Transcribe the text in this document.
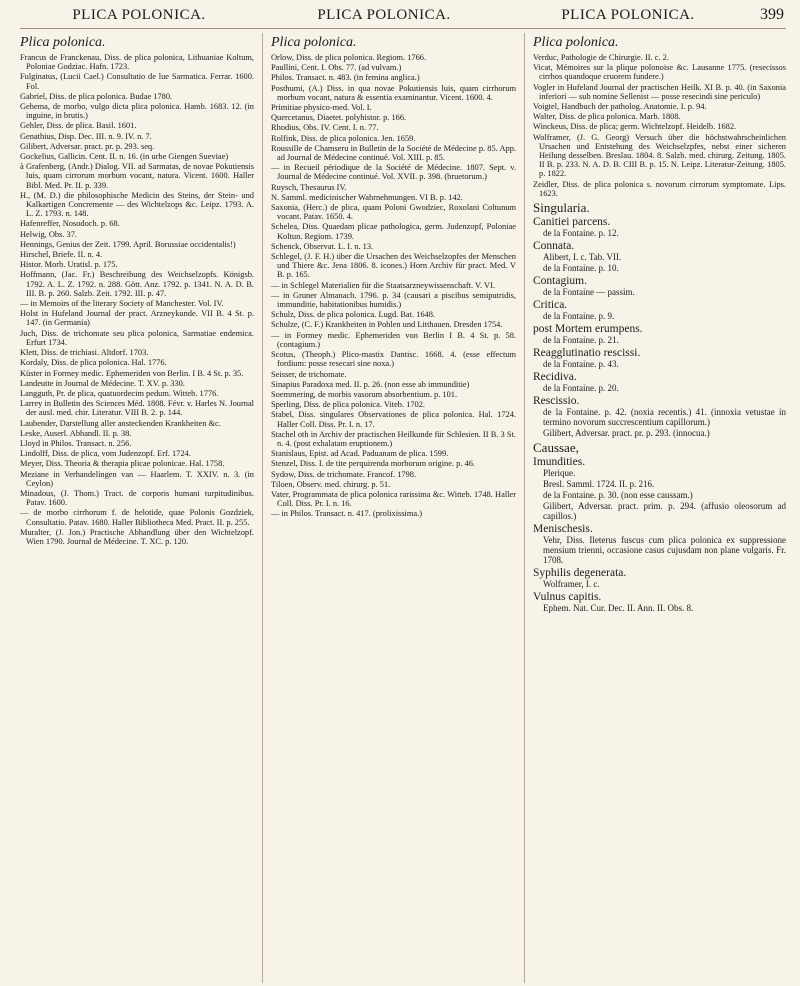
PLICA POLONICA.	PLICA POLONICA.	PLICA POLONICA.	399
Plica polonica.
Francus de Franckenau, Diss. de plica polonica, Lithuaniae Koltum, Poloniae Godziac. Hafn. 1723.
Fulginatus, (Lucii Cael.) Consultatio de lue Sarmatica. Ferrar. 1600. Fol.
Gabriel, Diss. de plica polonica. Budae 1780.
Gehema, de morbo, vulgo dicta plica polonica. Hamb. 1683. 12. (in inguine, in brutis.)
Gehler, Diss. de plica. Basil. 1601.
Genathius, Disp. Dec. III. n. 9. IV. n. 7.
Gilibert, Adversar. pract. pr. p. 293. seq.
Gockelius, Gallicin. Cent. II. n. 16. (in urbe Giengen Sueviae)
à Grafenberg, (Andr.) Dialog. VII. ad Sarmatas, de novae Pokutiensis luis, quam cirrorum morbum vocant, natura. Vicent. 1600. Haller Bibl. Med. Pr. II. p. 339.
H., (M. D.) die philosophische Medicin des Steins, der Stein- und Kalkartigen Concremente — des Wichtelzops &c. Leipz. 1793. A. L. Z. 1793. n. 148.
Hafenreffer, Nosodoch. p. 68.
Helwig, Obs. 37.
Hennings, Genius der Zeit. 1799. April. Borussiae occidentalis!)
Hirschel, Briefe. II. n. 4.
Histor. Morb. Uratisl. p. 175.
Hoffmann, (Jac. Fr.) Beschreibung des Weichselzopfs. Königsb. 1792. A. L. Z. 1792. n. 288. Gött. Anz. 1792. p. 1341. N. A. D. B. III. B. p. 260. Salzb. Zeit. 1792. III. p. 47.
— in Memoirs of the literary Society of Manchester. Vol. IV.
Holst in Hufeland Journal der pract. Arzneykunde. VII B. 4 St. p. 147. (in Germania)
Juch, Diss. de trichomate seu plica polonica, Sarmatiae endemica. Erfurt 1734.
Klett, Diss. de trichiasi. Altdorf. 1703.
Kordaly, Diss. de plica polonica. Hal. 1776.
Küster in Formey medic. Ephemeriden von Berlin. I B. 4 St. p. 35.
Landeutte in Journal de Médecine. T. XV. p. 330.
Langguth, Pr. de plica, quatuordecim pedum. Witteb. 1776.
Larrey in Bulletin des Sciences Méd. 1808. Févr. v. Harles N. Journal der ausl. med. chir. Literatur. VIII B. 2. p. 144.
Laubender, Darstellung aller ansteckenden Krankheiten &c.
Leske, Auserl. Abhandl. II. p. 38.
Lloyd in Philos. Transact. n. 256.
Lindolff, Diss. de plica, vom Judenzopf. Erf. 1724.
Meyer, Diss. Theoria & therapia plicae polonicae. Hal. 1758.
Meziane in Verhandelingen van — Haarlem. T. XXIV. n. 3. (in Ceylon)
Minadous, (J. Thom.) Tract. de corporis humani turpitudinibus. Patav. 1600.
— de morbo cirrhorum f. de helotide, quae Polonis Gozdziek, Consultatio. Patav. 1680. Haller Bibliotheca Med. Pract. II. p. 255.
Muralter, (J. Jon.) Practische Abhandlung über den Wichtelzopf. Wien 1790. Journal de Médecine. T. XC. p. 120.
Plica polonica.
Orlow, Diss. de plica polonica. Regiom. 1766.
Paullini, Cent. I. Obs. 77. (ad vulvam.)
Philos. Transact. n. 483. (in femina anglica.)
Posthumi, (A.) Diss. in qua novae Pokutiensis luis, quam cirrhorum morbum vocant, natura & essentia examinantur. Vicent. 1600. 4.
Primitiae physico-med. Vol. I.
Quercetanus, Diaetet. polyhistor. p. 166.
Rhodius, Obs. IV. Cent. I. n. 77.
Rolfink, Diss. de plica polonica. Jen. 1659.
Roussille de Chamseru in Bulletin de la Société de Médecine p. 85. App. ad Journal de Médecine continué. Vol. XIII. p. 85.
— in Recueil périodique de la Société de Médecine. 1807. Sept. v. Journal de Médecine continué. Vol. XVII. p. 398. (bruetorum.)
Ruysch, Thesaurus IV.
N. Samml. medicinischer Wahrnehmungen. VI B. p. 142.
Saxonia, (Herc.) de plica, quam Poloni Gwodziec, Roxolani Coltunum vocant. Patav. 1650. 4.
Schelea, Diss. Quaedam plicae pathologica, germ. Judenzopf, Poloniae Koltun. Regiom. 1739.
Schenck, Observat. L. I. n. 13.
Schlegel, (J. F. H.) über die Ursachen des Weichselzopfes der Menschen und Thiere &c. Jena 1806. 8. icones.) Horn Archiv für pract. Med. V B. p. 165.
— in Schlegel Materialien für die Staatsarzneywissenschaft. V. VI.
— in Gruner Almanach. 1796. p. 34 (causari a piscibus semiputridis, immunditie, habitationibus humidis.)
Schulz, Diss. de plica polonica. Lugd. Bat. 1648.
Schulze, (C. F.) Krankheiten in Pohlen und Litthauen. Dresden 1754.
— in Formey medic. Ephemeriden von Berlin I B. 4 St. p. 58. (contagium.)
Scotus, (Theoph.) Plico-mastix Dantisc. 1668. 4. (esse effectum fordium: posse resecari sine noxa.)
Seisser, de trichomate.
Sinapius Paradoxa med. II. p. 26. (non esse ab immunditie)
Soemmering, de morbis vasorum absorbentium. p. 101.
Sperling, Diss. de plica polonica. Viteb. 1702.
Stabel, Diss. singulares Observationes de plica polonica. Hal. 1724. Haller Coll. Diss. Pr. I. n. 17.
Stachel oth in Archiv der practischen Heilkunde für Schlesien. II B. 3 St. n. 4. (post exhalatam eruptionem.)
Stanislaus, Epist. ad Acad. Paduanam de plica. 1599.
Stenzel, Diss. I. de tite perquirenda morborum origine. p. 46.
Sydow, Diss. de trichomate. Francof. 1798.
Tiloen, Observ. med. chirurg. p. 51.
Vater, Programmata de plica polonica rarissima &c. Witteb. 1748. Haller Coll. Diss. Pr. I. n. 16.
— in Philos. Transact. n. 417. (prolixissima.)
Plica polonica.
Verduc, Pathologie de Chirurgie. II. c. 2.
Vicat, Mémoires sur la plique polonoise &c. Lausanne 1775. (resecissos cirrhos quandoque cruorem fundere.)
Vogler in Hufeland Journal der practischen Heilk. XI B. p. 40. (in Saxonia inferiori — sub nomine Sellenist — posse resecindi sine periculo)
Voigtel, Handbuch der patholog. Anatomie. I. p. 94.
Walter, Diss. de plica polonica. Marb. 1808.
Winckeus, Diss. de plica; germ. Wichtelzopf. Heidelb. 1682.
Wolframer, (J. G. Georg) Versuch über die höchstwahrscheinlichen Ursachen und Entstehung des Weichselzpfes, nebst einer sicheren Heilung desselben. Breslau. 1804. 8. Salzb. med. chirurg. Zeitung. 1805. II B. p. 233. N. A. D. B. CIII B. p. 15. N. Leipz. Literatur-Zeitung. 1805. p. 1822.
Zeidler, Diss. de plica polonica s. novorum cirrorum symptomate. Lips. 1623.
Singularia.
Canitiei parcens.
de la Fontaine. p. 12.
Connata.
Alibert, I. c. Tab. VII.
de la Fontaine. p. 10.
Contagium.
de la Fontaine — passim.
Critica.
de la Fontaine. p. 9.
post Mortem erumpens.
de la Fontaine. p. 21.
Reagglutinatio rescissi.
de la Fontaine. p. 43.
Recidiva.
de la Fontaine. p. 20.
Rescissio.
de la Fontaine. p. 42. (noxia recentis.) 41. (innoxia vetustae in termino novorum succrescentium capillorum.)
Gilibert, Adversar. pract. pr. p. 293. (innocua.)
Caussae,
Imundities.
Plerique.
Bresl. Samml. 1724. II. p. 216.
de la Fontaine. p. 30. (non esse caussam.)
Gilibert, Adversar. pract. prim. p. 294. (affusio oleosorum ad capillos.)
Menischesis.
Vehr, Diss. Ileterus fuscus cum plica polonica ex suppressione mensium trienni, occasione casus cujusdam non plane vulgaris. Fr. 1708.
Syphilis degenerata.
Wolframer, I. c.
Vulnus capitis.
Ephem. Nat. Cur. Dec. II. Ann. II. Obs. 8.
